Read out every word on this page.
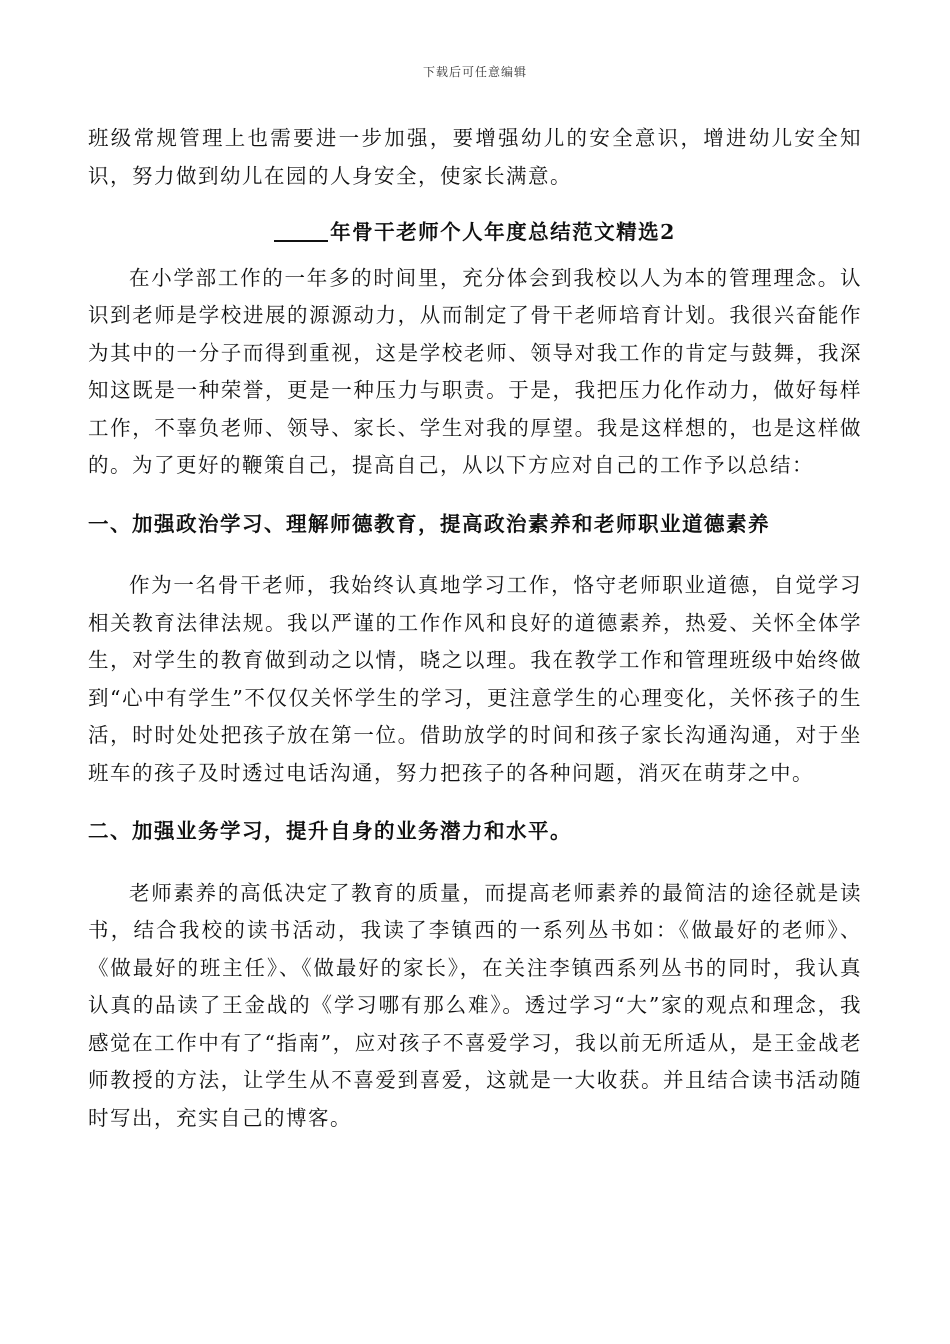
下载后可任意编辑

班级常规管理上也需要进一步加强，要增强幼儿的安全意识，增进幼儿安全知识，努力做到幼儿在园的人身安全，使家长满意。

年骨干老师个人年度总结范文精选2

在小学部工作的一年多的时间里，充分体会到我校以人为本的管理理念。认识到老师是学校进展的源源动力，从而制定了骨干老师培育计划。我很兴奋能作为其中的一分子而得到重视，这是学校老师、领导对我工作的肯定与鼓舞，我深知这既是一种荣誉，更是一种压力与职责。于是，我把压力化作动力，做好每样工作，不辜负老师、领导、家长、学生对我的厚望。我是这样想的，也是这样做的。为了更好的鞭策自己，提高自己，从以下方应对自己的工作予以总结：

一、加强政治学习、理解师德教育，提高政治素养和老师职业道德素养

作为一名骨干老师，我始终认真地学习工作，恪守老师职业道德，自觉学习相关教育法律法规。我以严谨的工作作风和良好的道德素养，热爱、关怀全体学生，对学生的教育做到动之以情，晓之以理。我在教学工作和管理班级中始终做到“心中有学生”不仅仅关怀学生的学习，更注意学生的心理变化，关怀孩子的生活，时时处处把孩子放在第一位。借助放学的时间和孩子家长沟通沟通，对于坐班车的孩子及时透过电话沟通，努力把孩子的各种问题，消灭在萌芽之中。

二、加强业务学习，提升自身的业务潜力和水平。

老师素养的高低决定了教育的质量，而提高老师素养的最简洁的途径就是读书，结合我校的读书活动，我读了李镇西的一系列丛书如：《做最好的老师》、《做最好的班主任》、《做最好的家长》，在关注李镇西系列丛书的同时，我认真认真的品读了王金战的《学习哪有那么难》。透过学习“大”家的观点和理念，我感觉在工作中有了“指南”，应对孩子不喜爱学习，我以前无所适从，是王金战老师教授的方法，让学生从不喜爱到喜爱，这就是一大收获。并且结合读书活动随时写出，充实自己的博客。
